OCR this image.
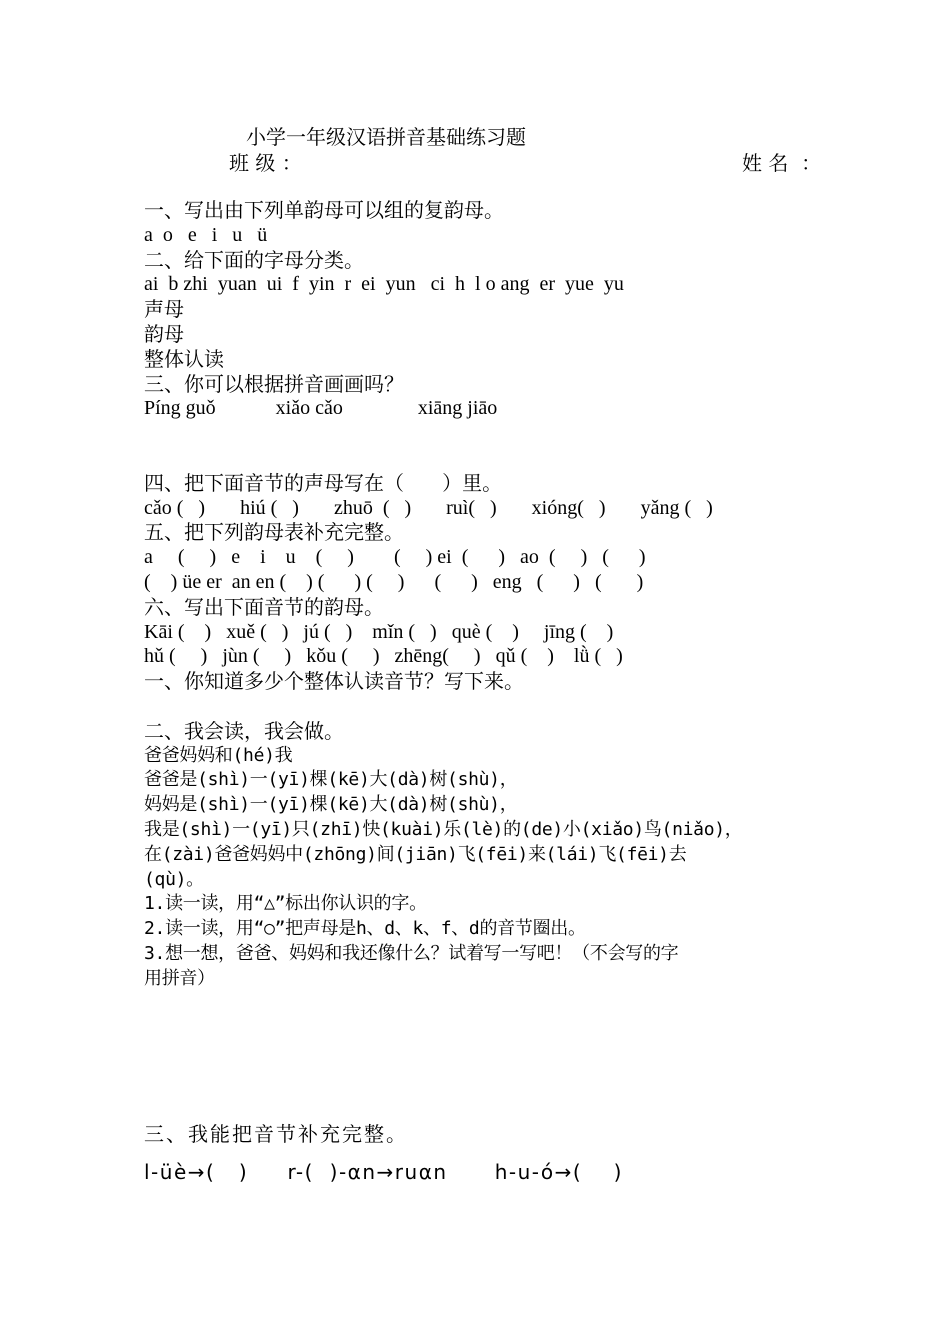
小学一年级汉语拼音基础练习题
班 级 ：	姓 名  ：
一、写出由下列单韵母可以组的复韵母。
a  o   e   i   u   ü
二、给下面的字母分类。
ai  b zhi  yuan  ui  f  yin  r  ei  yun   ci  h  l o ang  er  yue  yu
声母
韵母
整体认读
三、你可以根据拼音画画吗？
Píng guǒ            xiǎo cǎo               xiāng jiāo
四、把下面音节的声母写在（      ）里。
cǎo (   )       hiú (   )       zhuō  (   )       ruì(   )       xióng(   )       yǎng (   )
五、把下列韵母表补充完整。
a     (     )   e    i    u    (     )        (     ) ei  (      )   ao  (     )   (      )
(    ) üe er  an en (    ) (      ) (     )      (      )   eng   (      )   (       )
六、写出下面音节的韵母。
Kāi (    )   xuě (   )   jú (   )    mǐn (   )   què (    )     jīng (    )
hǔ (     )   jùn (     )   kǒu (     )   zhēng(     )   qǔ (    )    lǜ (   )
一、你知道多少个整体认读音节？写下来。
二、我会读，我会做。
爸爸妈妈和(hé)我
爸爸是(shì)一(yī)棵(kē)大(dà)树(shù)，
妈妈是(shì)一(yī)棵(kē)大(dà)树(shù)，
我是(shì)一(yī)只(zhī)快(kuài)乐(lè)的(de)小(xiǎo)鸟(niǎo)，
在(zài)爸爸妈妈中(zhōng)间(jiān)飞(fēi)来(lái)飞(fēi)去
(qù)。
1.读一读，用“△”标出你认识的字。
2.读一读，用“○”把声母是h、d、k、f、d的音节圈出。
3.想一想，爸爸、妈妈和我还像什么？试着写一写吧！（不会写的字
用拼音）
三、我能把音节补充完整。
l-üè→(   )     r-(  )-αn→ruαn      h-u-ó→(    )
